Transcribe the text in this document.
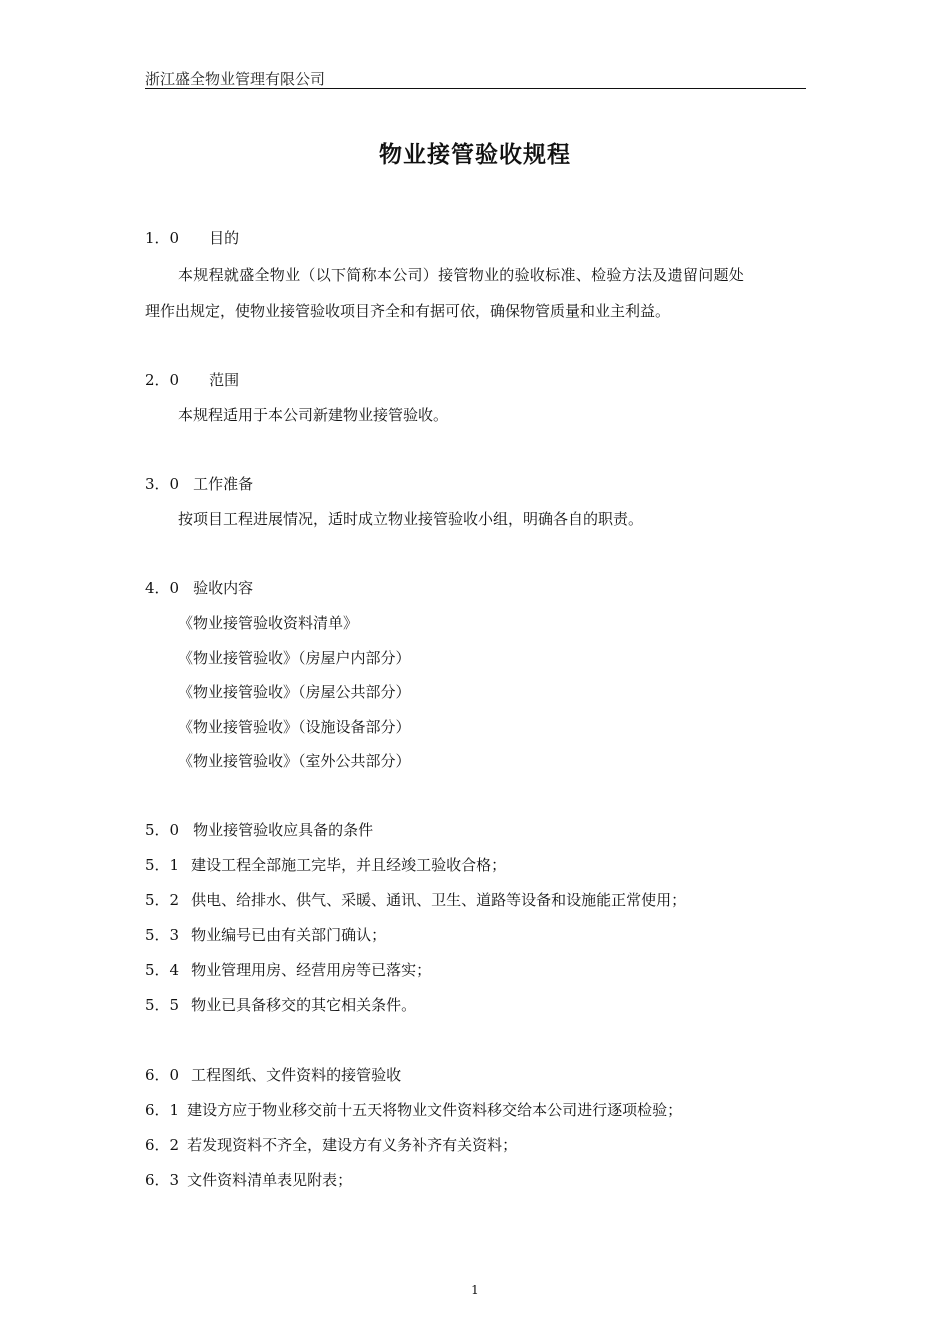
浙江盛全物业管理有限公司
物业接管验收规程
1．0 目的
本规程就盛全物业（以下简称本公司）接管物业的验收标准、检验方法及遗留问题处
理作出规定，使物业接管验收项目齐全和有据可依，确保物管质量和业主利益。
2．0 范围
本规程适用于本公司新建物业接管验收。
3．0 工作准备
按项目工程进展情况，适时成立物业接管验收小组，明确各自的职责。
4．0 验收内容
《物业接管验收资料清单》
《物业接管验收》（房屋户内部分）
《物业接管验收》（房屋公共部分）
《物业接管验收》（设施设备部分）
《物业接管验收》（室外公共部分）
5．0 物业接管验收应具备的条件
5．1 建设工程全部施工完毕，并且经竣工验收合格；
5．2 供电、给排水、供气、采暖、通讯、卫生、道路等设备和设施能正常使用；
5．3 物业编号已由有关部门确认；
5．4 物业管理用房、经营用房等已落实；
5．5 物业已具备移交的其它相关条件。
6．0 工程图纸、文件资料的接管验收
6．1 建设方应于物业移交前十五天将物业文件资料移交给本公司进行逐项检验；
6．2 若发现资料不齐全，建设方有义务补齐有关资料；
6．3 文件资料清单表见附表；
1
